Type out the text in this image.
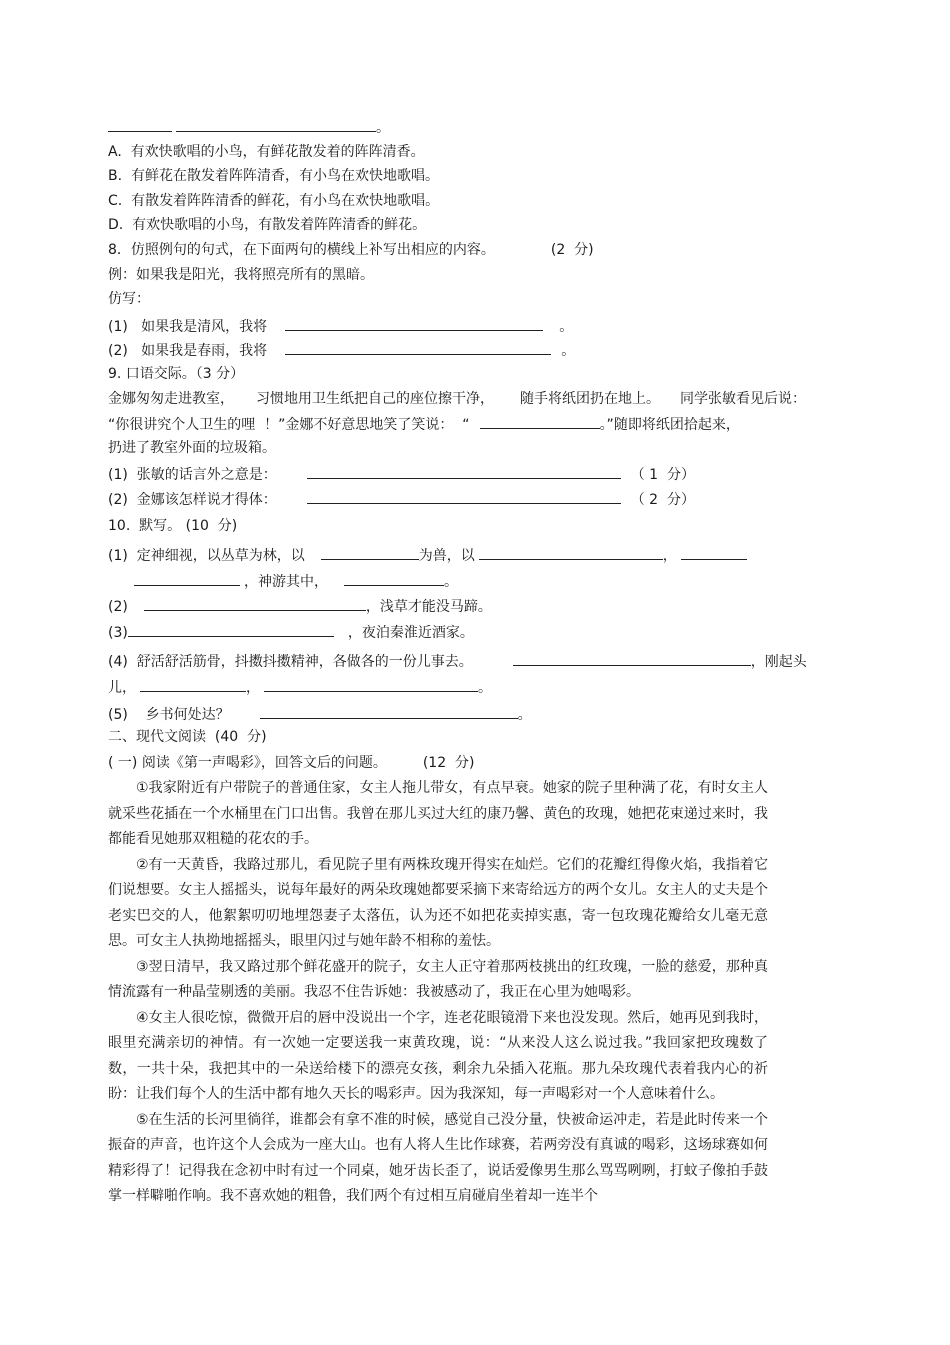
。
A.  有欢快歌唱的小鸟，有鲜花散发着的阵阵清香。
B.  有鲜花在散发着阵阵清香，有小鸟在欢快地歌唱。
C.  有散发着阵阵清香的鲜花，有小鸟在欢快地歌唱。
D.  有欢快歌唱的小鸟，有散发着阵阵清香的鲜花。
8．仿照例句的句式，在下面两句的横线上补写出相应的内容。	(2  分)
例：如果我是阳光，我将照亮所有的黑暗。
仿写：
(1)   如果我是清风，我将	。
(2)   如果我是春雨，我将	。
9. 口语交际。（3 分）
金娜匆匆走进教室， 习惯地用卫生纸把自己的座位擦干净， 随手将纸团扔在地上。 同学张敏看见后说：
“你很讲究个人卫生的哩  ！”金娜不好意思地笑了笑说：  “	。”随即将纸团拾起来，
扔进了教室外面的垃圾箱。
(1)  张敏的话言外之意是：	（ 1  分）
(2)  金娜该怎样说才得体：	（ 2  分）
10.  默写。 (10  分)
(1)  定神细视，以丛草为林，以	为兽，以	，
，神游其中，	。
(2)	，浅草才能没马蹄。
(3)	，夜泊秦淮近酒家。
(4)  舒活舒活筋骨，抖擞抖擞精神，各做各的一份儿事去。	，刚起头
儿，	，	。
(5)    乡书何处达？	。
二、现代文阅读  (40  分)
( 一) 阅读《第一声喝彩》，回答文后的问题。	(12  分)

①我家附近有户带院子的普通住家，女主人拖儿带女，有点早衰。她家的院子里种满了花，有时女主人就采些花插在一个水桶里在门口出售。我曾在那儿买过大红的康乃馨、黄色的玫瑰，她把花束递过来时，我都能看见她那双粗糙的花农的手。

②有一天黄昏，我路过那儿，看见院子里有两株玫瑰开得实在灿烂。它们的花瓣红得像火焰，我指着它们说想要。女主人摇摇头，说每年最好的两朵玫瑰她都要采摘下来寄给远方的两个女儿。女主人的丈夫是个老实巴交的人，他絮絮叨叨地埋怨妻子太落伍，认为还不如把花卖掉实惠，寄一包玫瑰花瓣给女儿毫无意思。可女主人执拗地摇摇头，眼里闪过与她年龄不相称的羞怯。

③翌日清早，我又路过那个鲜花盛开的院子，女主人正守着那两枝挑出的红玫瑰，一脸的慈爱，那种真情流露有一种晶莹剔透的美丽。我忍不住告诉她：我被感动了，我正在心里为她喝彩。

④女主人很吃惊，微微开启的唇中没说出一个字，连老花眼镜滑下来也没发现。然后，她再见到我时，眼里充满亲切的神情。有一次她一定要送我一束黄玫瑰，说：“从来没人这么说过我。”我回家把玫瑰数了数，一共十朵，我把其中的一朵送给楼下的漂亮女孩，剩余九朵插入花瓶。那九朵玫瑰代表着我内心的祈盼：让我们每个人的生活中都有地久天长的喝彩声。因为我深知，每一声喝彩对一个人意味着什么。

⑤在生活的长河里徜徉，谁都会有拿不准的时候，感觉自己没分量，快被命运冲走，若是此时传来一个振奋的声音，也许这个人会成为一座大山。也有人将人生比作球赛，若两旁没有真诚的喝彩，这场球赛如何精彩得了！记得我在念初中时有过一个同桌，她牙齿长歪了，说话爱像男生那么骂骂咧咧，打蚊子像拍手鼓掌一样噼啪作响。我不喜欢她的粗鲁，我们两个有过相互肩碰肩坐着却一连半个
